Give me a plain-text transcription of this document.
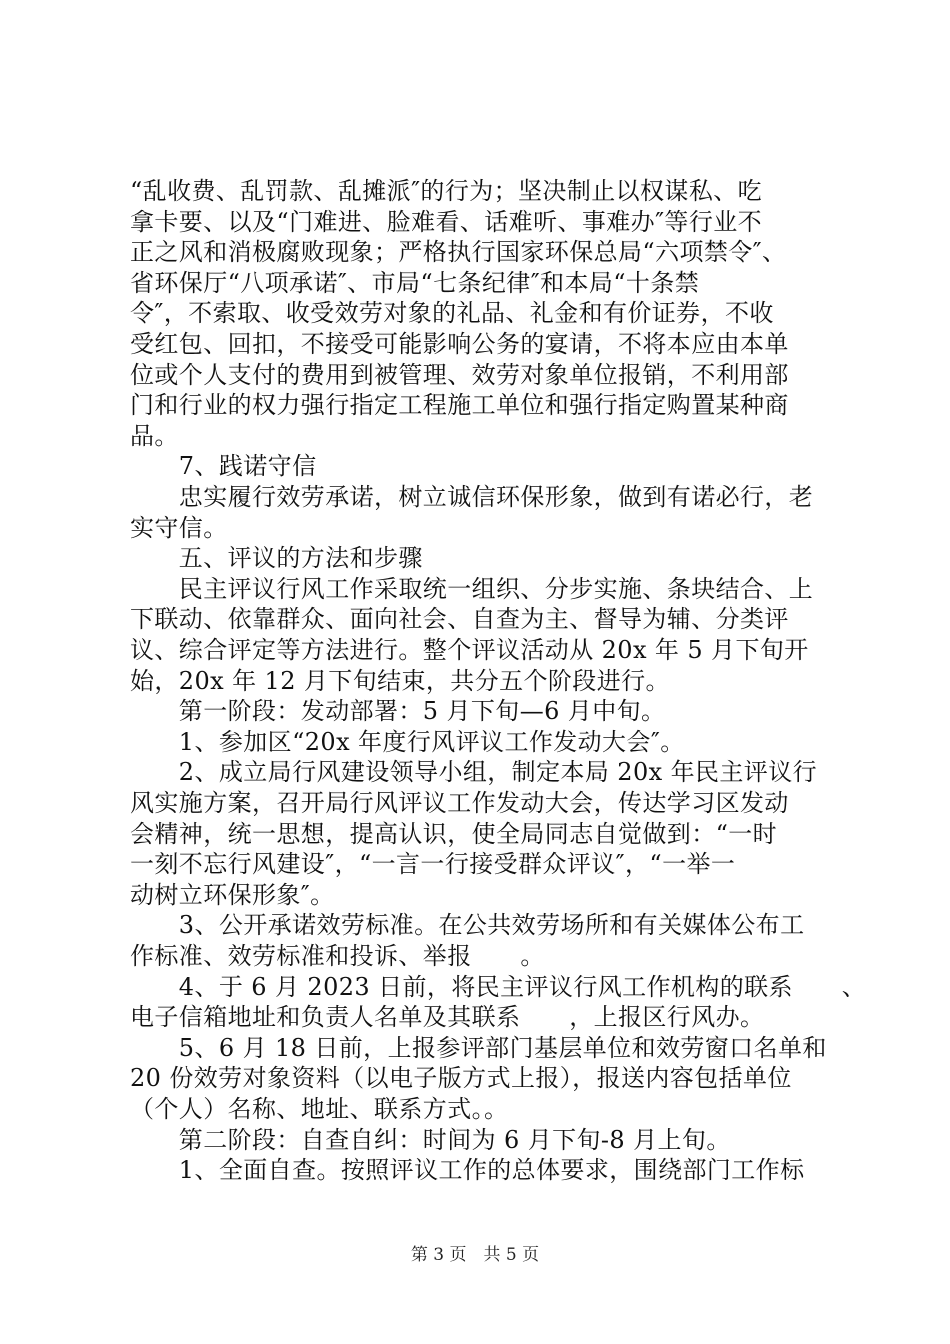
“乱收费、乱罚款、乱摊派″的行为；坚决制止以权谋私、吃
拿卡要、以及“门难进、脸难看、话难听、事难办″等行业不
正之风和消极腐败现象；严格执行国家环保总局“六项禁令″、
省环保厅“八项承诺″、市局“七条纪律″和本局“十条禁
令″，不索取、收受效劳对象的礼品、礼金和有价证券，不收
受红包、回扣，不接受可能影响公务的宴请，不将本应由本单
位或个人支付的费用到被管理、效劳对象单位报销，不利用部
门和行业的权力强行指定工程施工单位和强行指定购置某种商
品。
　　7、践诺守信
　　忠实履行效劳承诺，树立诚信环保形象，做到有诺必行，老
实守信。
　　五、评议的方法和步骤
　　民主评议行风工作采取统一组织、分步实施、条块结合、上
下联动、依靠群众、面向社会、自查为主、督导为辅、分类评
议、综合评定等方法进行。整个评议活动从 20x 年 5 月下旬开
始，20x 年 12 月下旬结束，共分五个阶段进行。
　　第一阶段：发动部署：5 月下旬—6 月中旬。
　　1、参加区“20x 年度行风评议工作发动大会″。
　　2、成立局行风建设领导小组，制定本局 20x 年民主评议行
风实施方案，召开局行风评议工作发动大会，传达学习区发动
会精神，统一思想，提高认识，使全局同志自觉做到：“一时
一刻不忘行风建设″，“一言一行接受群众评议″，“一举一
动树立环保形象″。
　　3、公开承诺效劳标准。在公共效劳场所和有关媒体公布工
作标准、效劳标准和投诉、举报　　。
　　4、于 6 月 2023 日前，将民主评议行风工作机构的联系　　、
电子信箱地址和负责人名单及其联系　　，上报区行风办。
　　5、6 月 18 日前，上报参评部门基层单位和效劳窗口名单和
20 份效劳对象资料（以电子版方式上报），报送内容包括单位
（个人）名称、地址、联系方式。。
　　第二阶段：自查自纠：时间为 6 月下旬-8 月上旬。
　　1、全面自查。按照评议工作的总体要求，围绕部门工作标
第 3 页　共 5 页
